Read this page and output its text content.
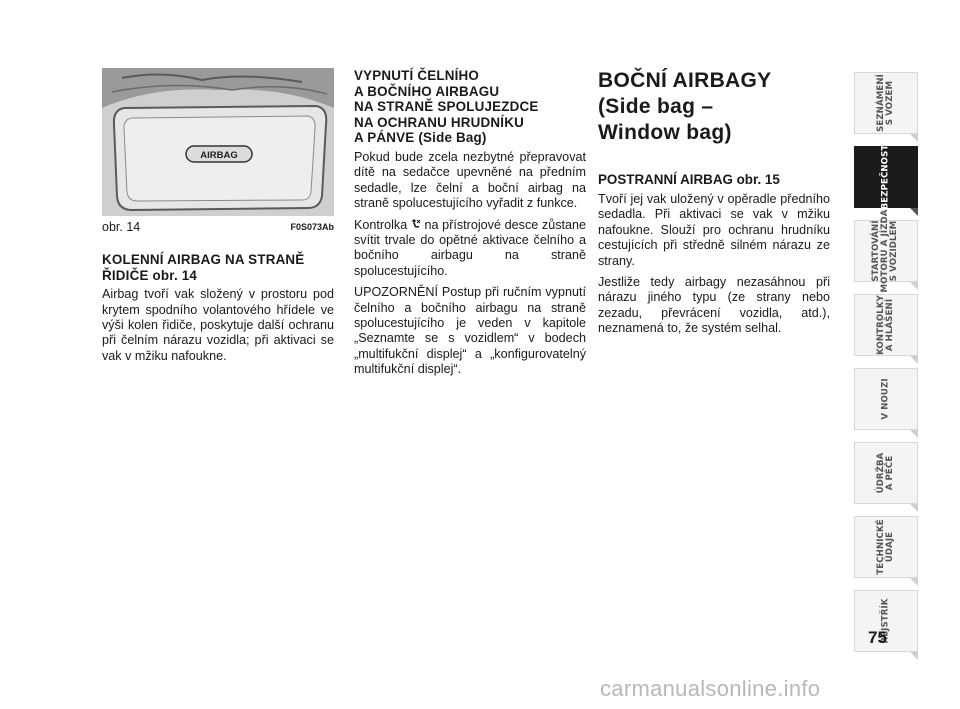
AIRBAG
obr. 14	F0S073Ab
KOLENNÍ AIRBAG NA STRANĚ
ŘIDIČE obr. 14

Airbag tvoří vak složený v prostoru pod krytem spodního volantového hřídele ve výši kolen řidiče, poskytuje další ochranu při čelním nárazu vozidla; při aktivaci se vak v mžiku nafoukne.

VYPNUTÍ ČELNÍHO
A BOČNÍHO AIRBAGU
NA STRANĚ SPOLUJEZDCE
NA OCHRANU HRUDNÍKU
A PÁNVE (Side Bag)

Pokud bude zcela nezbytné přepravovat dítě na sedačce upevněné na předním sedadle, lze čelní a boční airbag na straně spolucestujícího vyřadit z funkce.

Kontrolka  na přístrojové desce zůstane svítit trvale do opětné aktivace čelního a bočního airbagu na straně spolucestujícího.

UPOZORNĚNÍ Postup při ručním vypnutí čelního a bočního airbagu na straně spolucestujícího je veden v kapitole „Seznamte se s vozidlem“ v bodech „multifukční displej“ a „konfigurovatelný multifukční displej“.

BOČNÍ AIRBAGY
(Side bag –
Window bag)
POSTRANNÍ AIRBAG obr. 15

Tvoří jej vak uložený v opěradle předního sedadla. Při aktivaci se vak v mžiku nafoukne. Slouží pro ochranu hrudníku cestujících při středně silném nárazu ze strany.

Jestliže tedy airbagy nezasáhnou při nárazu jiného typu (ze strany nebo zezadu, převrácení vozidla, atd.), neznamená to, že systém selhal.

SEZNÁMENÍ
S VOZEM
BEZPEČNOST
STARTOVÁNÍ
MOTORU A JÍZDA
S VOZIDLEM
KONTROLKY
A HLÁŠENÍ
V NOUZI
ÚDRŽBA
A PÉČE
TECHNICKÉ
ÚDAJE
REJSTŘÍK
75
carmanualsonline.info
